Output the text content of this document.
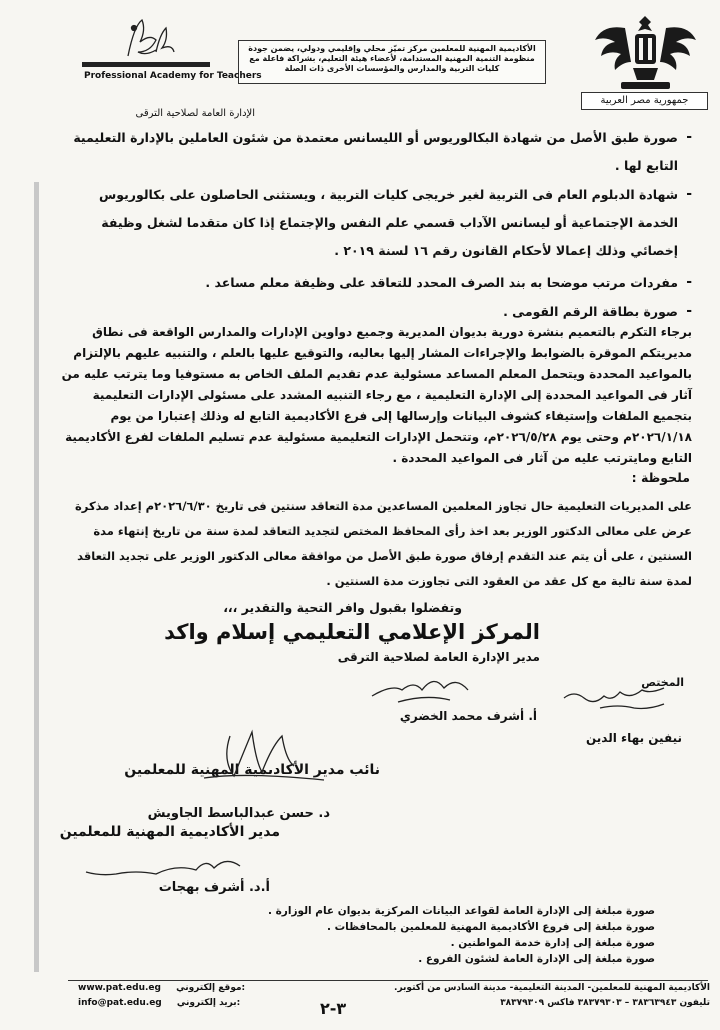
جمهورية مصر العربية
الأكاديمية المهنية للمعلمين مركز تميّز محلي وإقليمي ودولي، يضمن جودة منظومة التنمية المهنية المستدامة، لأعضاء هيئة التعليم، بشراكة فاعلة مع كليات التربية والمدارس والمؤسسات الأخرى ذات الصلة
Professional Academy for Teachers
الإدارة العامة لصلاحية الترقى
-
صورة طبق الأصل من شهادة البكالوريوس أو الليسانس معتمدة من شئون العاملين بالإدارة التعليمية التابع لها .
-
شهادة الدبلوم العام فى التربية لغير خريجى كليات التربية ، ويستثنى الحاصلون على بكالوريوس الخدمة الإجتماعية أو ليسانس الآداب قسمي علم النفس والإجتماع إذا كان متقدما لشغل وظيفة إخصائي وذلك إعمالا لأحكام القانون رقم ١٦ لسنة ٢٠١٩ .
-
مفردات مرتب موضحا به بند الصرف المحدد للتعاقد على وظيفة معلم مساعد .
-
صورة بطاقة الرقم القومى .
برجاء التكرم بالتعميم بنشرة دورية بديوان المديرية وجميع دواوين الإدارات والمدارس الواقعة فى نطاق مديريتكم الموقرة بالضوابط والإجراءات المشار إليها بعاليه، والتوقيع عليها بالعلم ، والتنبيه عليهم بالإلتزام بالمواعيد المحددة ويتحمل المعلم المساعد مسئولية عدم تقديم الملف الخاص به مستوفيا وما يترتب عليه من آثار فى المواعيد المحددة إلى الإدارة التعليمية ، مع رجاء التنبيه المشدد على مسئولى الإدارات التعليمية بتجميع الملفات وإستيفاء كشوف البيانات وإرسالها إلى فرع الأكاديمية التابع له وذلك إعتبارا من يوم ٢٠٢٦/١/١٨م وحتى يوم ٢٠٢٦/٥/٢٨م، وتتحمل الإدارات التعليمية مسئولية عدم تسليم الملفات لفرع الأكاديمية التابع ومايترتب عليه من آثار فى المواعيد المحددة .
ملحوظة :
على المديريات التعليمية حال تجاوز المعلمين المساعدين مدة التعاقد سنتين فى تاريخ ٢٠٢٦/٦/٣٠م إعداد مذكرة عرض على معالى الدكتور الوزير بعد اخذ رأى المحافظ المختص لتجديد التعاقد لمدة سنة من تاريخ إنتهاء مدة السنتين ، على أن يتم عند التقدم إرفاق صورة طبق الأصل من موافقة معالى الدكتور الوزير على تجديد التعاقد لمدة سنة تالية مع كل عقد من العقود التى تجاوزت مدة السنتين .
وتفضلوا بقبول وافر التحية والتقدير ،،،
المركز الإعلامي التعليمي إسلام واكد
مدير الإدارة العامة لصلاحية الترقى
المختص
نيفين بهاء الدين
أ. أشرف محمد الخضري
نائب مدير الأكاديمية المهنية للمعلمين
د. حسن عبدالباسط الجاويش
مدير الأكاديمية المهنية للمعلمين
أ.د. أشرف بهجات
صورة مبلغة إلى الإدارة العامة لقواعد البيانات المركزية بديوان عام الوزارة .
صورة مبلغة إلى فروع الأكاديمية المهنية للمعلمين بالمحافظات .
صورة مبلغة إلى إدارة خدمة المواطنين .
صورة مبلغة إلى الإدارة العامة لشئون الفروع .
الأكاديمية المهنية للمعلمين- المدينة التعليمية- مدينة السادس من أكتوبر.
تليفون ٣٨٣٦٣٩٤٣ – ٣٨٣٧٩٣٠٣ فاكس ٣٨٣٧٩٣٠٩
٣-٢
www.pat.edu.eg موقع إلكتروني:
info@pat.edu.eg بريد إلكتروني:
